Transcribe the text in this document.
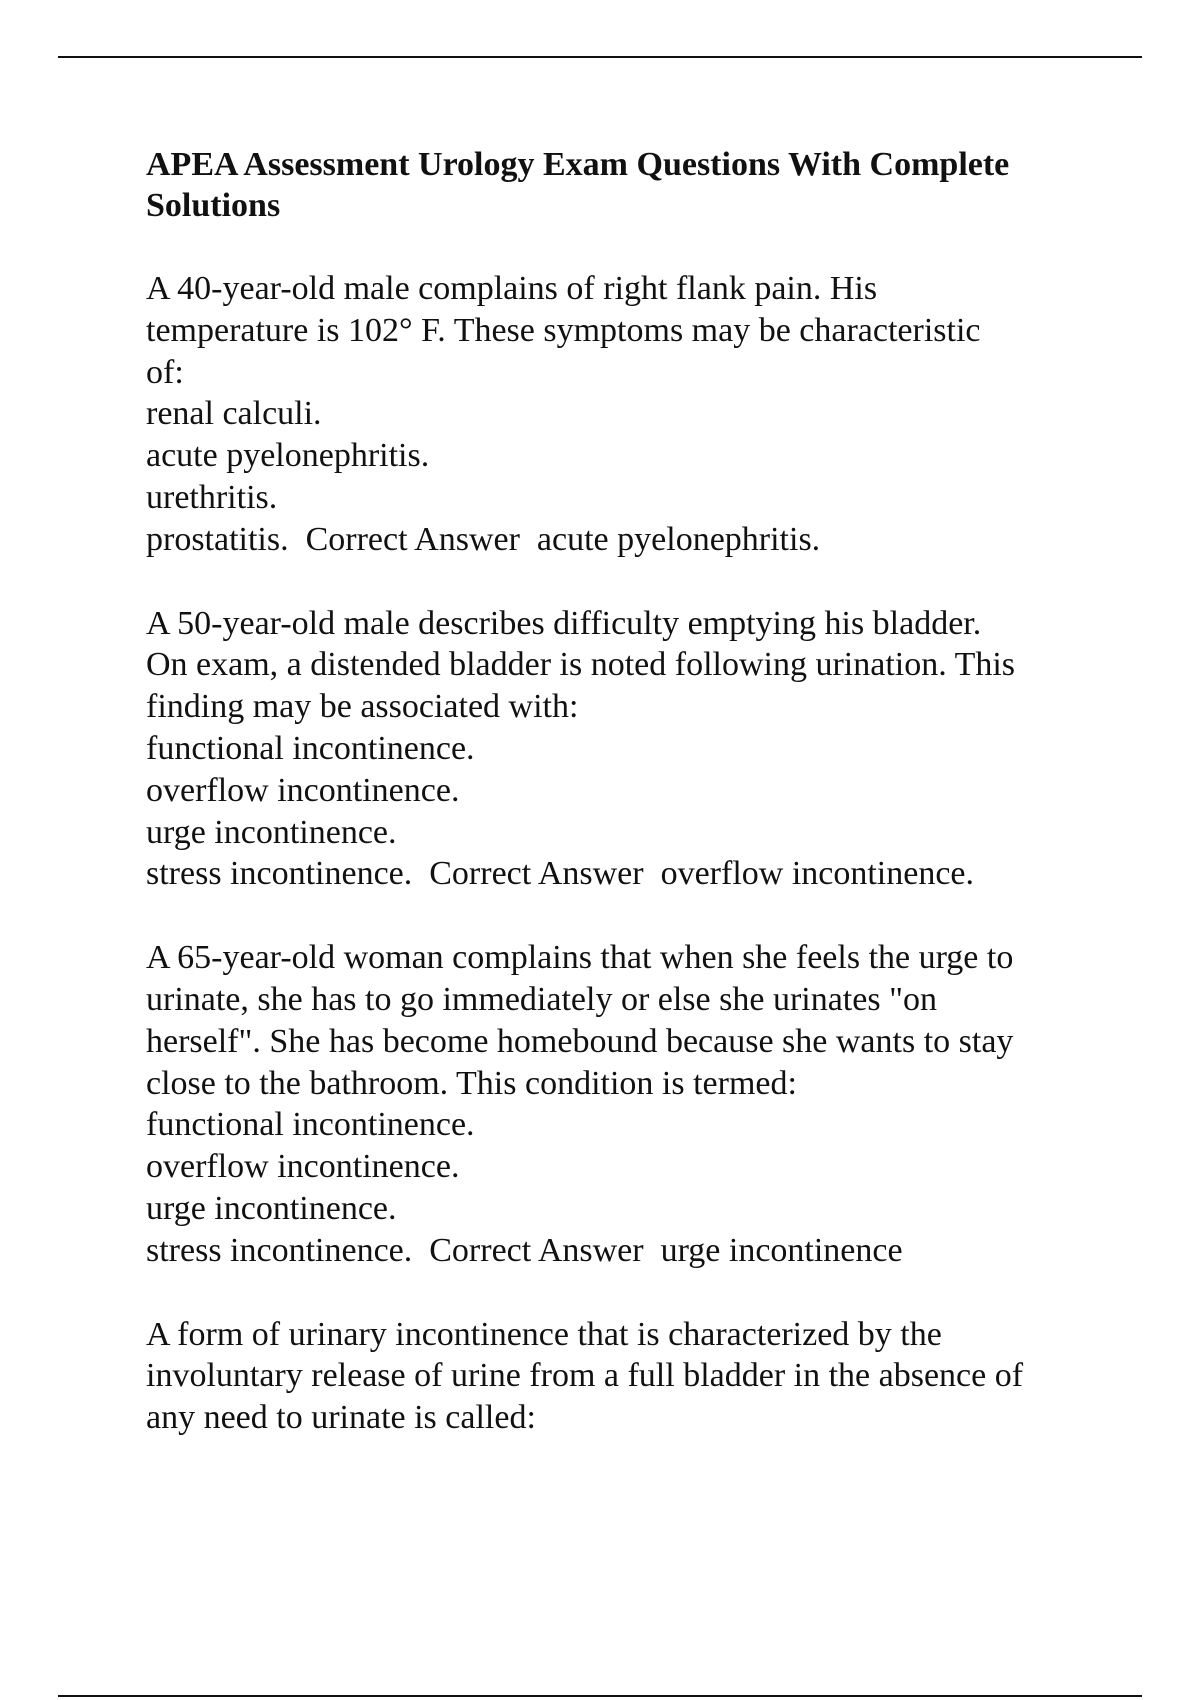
APEA Assessment Urology Exam Questions With Complete
Solutions
A 40-year-old male complains of right flank pain. His
temperature is 102° F. These symptoms may be characteristic
of:
renal calculi.
acute pyelonephritis.
urethritis.
prostatitis.  Correct Answer  acute pyelonephritis.
A 50-year-old male describes difficulty emptying his bladder.
On exam, a distended bladder is noted following urination. This
finding may be associated with:
functional incontinence.
overflow incontinence.
urge incontinence.
stress incontinence.  Correct Answer  overflow incontinence.
A 65-year-old woman complains that when she feels the urge to
urinate, she has to go immediately or else she urinates "on
herself". She has become homebound because she wants to stay
close to the bathroom. This condition is termed:
functional incontinence.
overflow incontinence.
urge incontinence.
stress incontinence.  Correct Answer  urge incontinence
A form of urinary incontinence that is characterized by the
involuntary release of urine from a full bladder in the absence of
any need to urinate is called:
